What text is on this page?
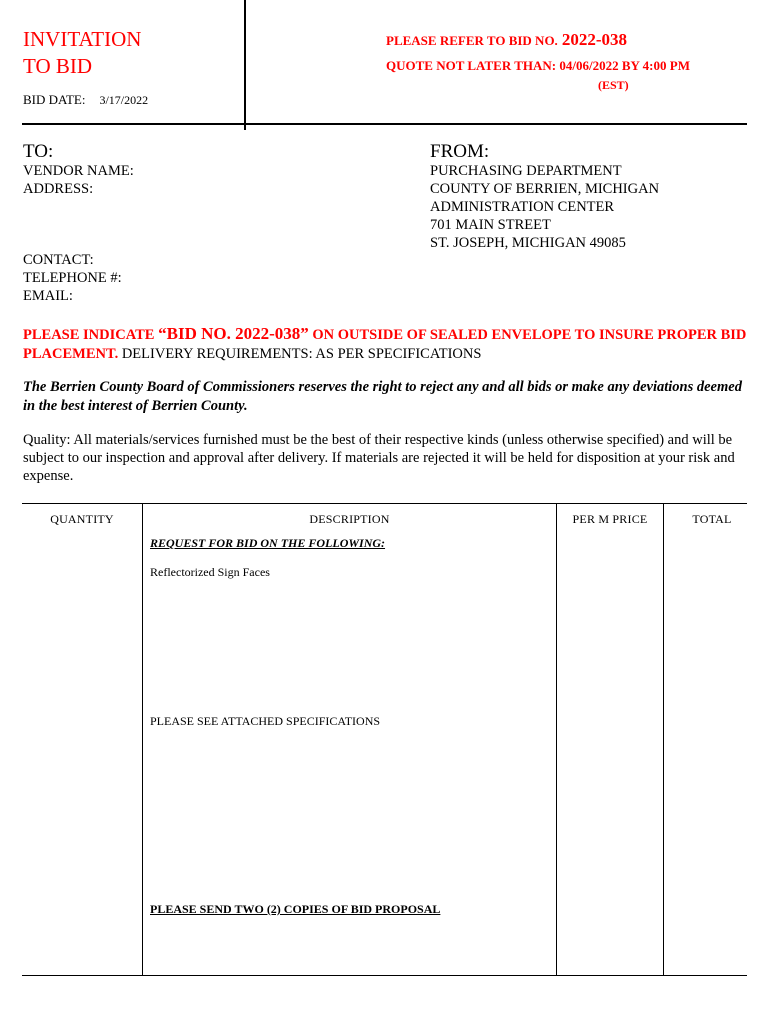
INVITATION
TO BID
BID DATE: 3/17/2022
PLEASE REFER TO BID NO. 2022-038
QUOTE NOT LATER THAN: 04/06/2022 BY 4:00 PM
(EST)
TO:
VENDOR NAME:
ADDRESS:
CONTACT:
TELEPHONE #:
EMAIL:
FROM:
PURCHASING DEPARTMENT
COUNTY OF BERRIEN, MICHIGAN
ADMINISTRATION CENTER
701 MAIN STREET
ST. JOSEPH, MICHIGAN 49085
PLEASE INDICATE “BID NO. 2022-038” ON OUTSIDE OF SEALED ENVELOPE TO INSURE PROPER BID PLACEMENT. DELIVERY REQUIREMENTS: AS PER SPECIFICATIONS
The Berrien County Board of Commissioners reserves the right to reject any and all bids or make any deviations deemed in the best interest of Berrien County.
Quality: All materials/services furnished must be the best of their respective kinds (unless otherwise specified) and will be subject to our inspection and approval after delivery. If materials are rejected it will be held for disposition at your risk and expense.
QUANTITY	DESCRIPTION	PER M PRICE	TOTAL
REQUEST FOR BID ON THE FOLLOWING:
Reflectorized Sign Faces
PLEASE SEE ATTACHED SPECIFICATIONS
PLEASE SEND TWO (2) COPIES OF BID PROPOSAL
